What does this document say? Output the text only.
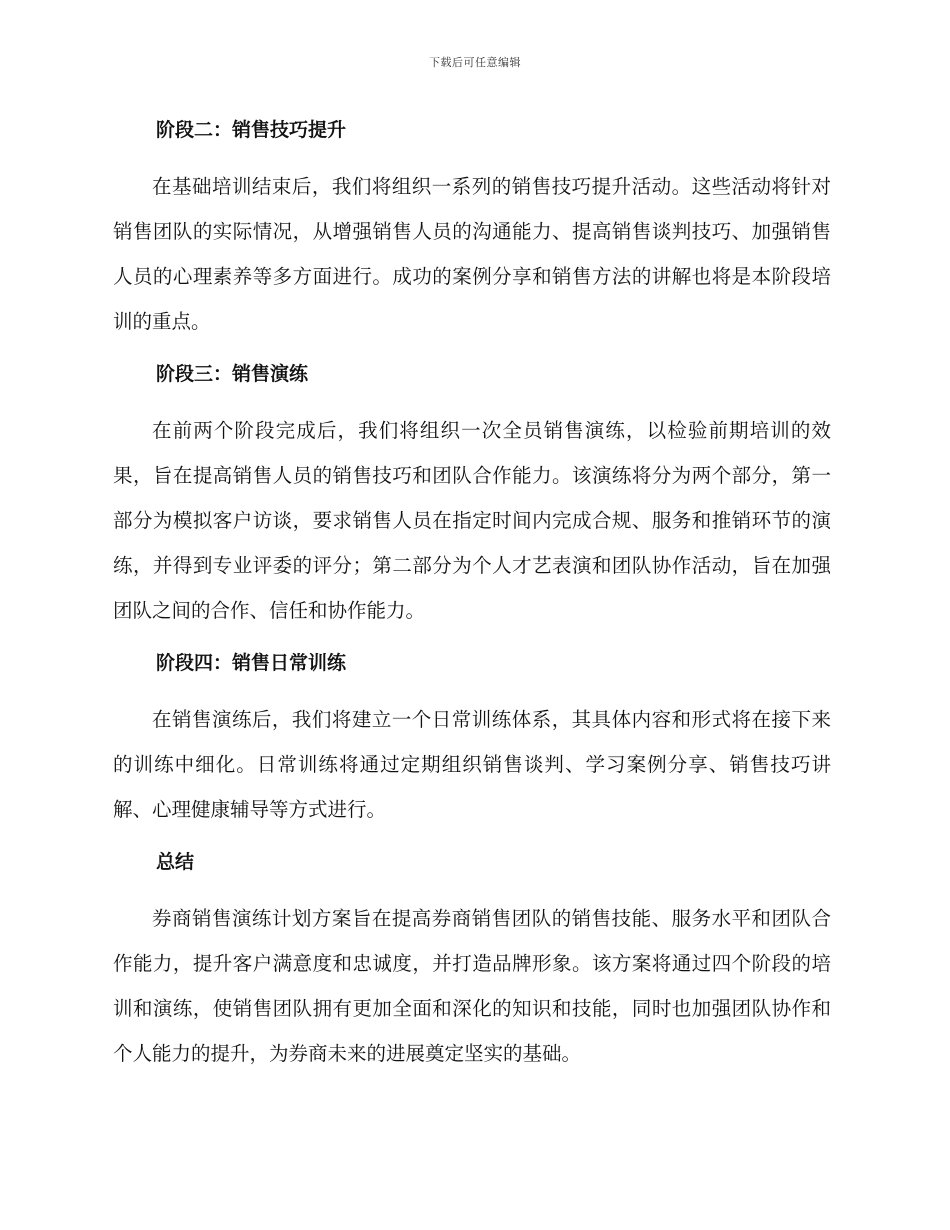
下载后可任意编辑
阶段二：销售技巧提升

在基础培训结束后，我们将组织一系列的销售技巧提升活动。这些活动将针对销售团队的实际情况，从增强销售人员的沟通能力、提高销售谈判技巧、加强销售人员的心理素养等多方面进行。成功的案例分享和销售方法的讲解也将是本阶段培训的重点。

阶段三：销售演练

在前两个阶段完成后，我们将组织一次全员销售演练，以检验前期培训的效果，旨在提高销售人员的销售技巧和团队合作能力。该演练将分为两个部分，第一部分为模拟客户访谈，要求销售人员在指定时间内完成合规、服务和推销环节的演练，并得到专业评委的评分；第二部分为个人才艺表演和团队协作活动，旨在加强团队之间的合作、信任和协作能力。

阶段四：销售日常训练

在销售演练后，我们将建立一个日常训练体系，其具体内容和形式将在接下来的训练中细化。日常训练将通过定期组织销售谈判、学习案例分享、销售技巧讲解、心理健康辅导等方式进行。

总结

券商销售演练计划方案旨在提高券商销售团队的销售技能、服务水平和团队合作能力，提升客户满意度和忠诚度，并打造品牌形象。该方案将通过四个阶段的培训和演练，使销售团队拥有更加全面和深化的知识和技能，同时也加强团队协作和个人能力的提升，为券商未来的进展奠定坚实的基础。
